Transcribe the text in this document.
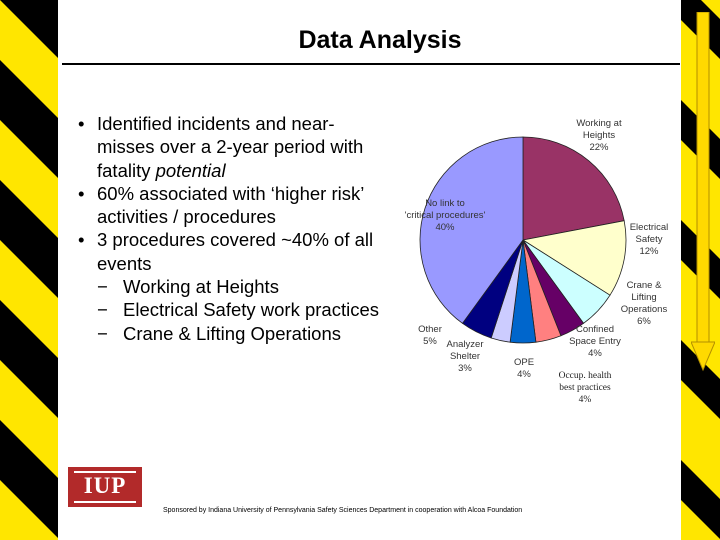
Data Analysis
• Identified incidents and near-misses over a 2-year period with fatality potential
• 60% associated with ‘higher risk’ activities / procedures
• 3 procedures covered ~40% of all events
− Working at Heights
− Electrical Safety work practices
− Crane & Lifting Operations
Working at Heights 22%
Electrical Safety 12%
Crane & Lifting Operations 6%
Confined Space Entry 4%
Occup. health best practices 4%
OPE 4%
Analyzer Shelter 3%
Other 5%
No link to 'critical procedures' 40%
IUP
Sponsored by Indiana University of Pennsylvania Safety Sciences Department in cooperation with Alcoa Foundation	5
